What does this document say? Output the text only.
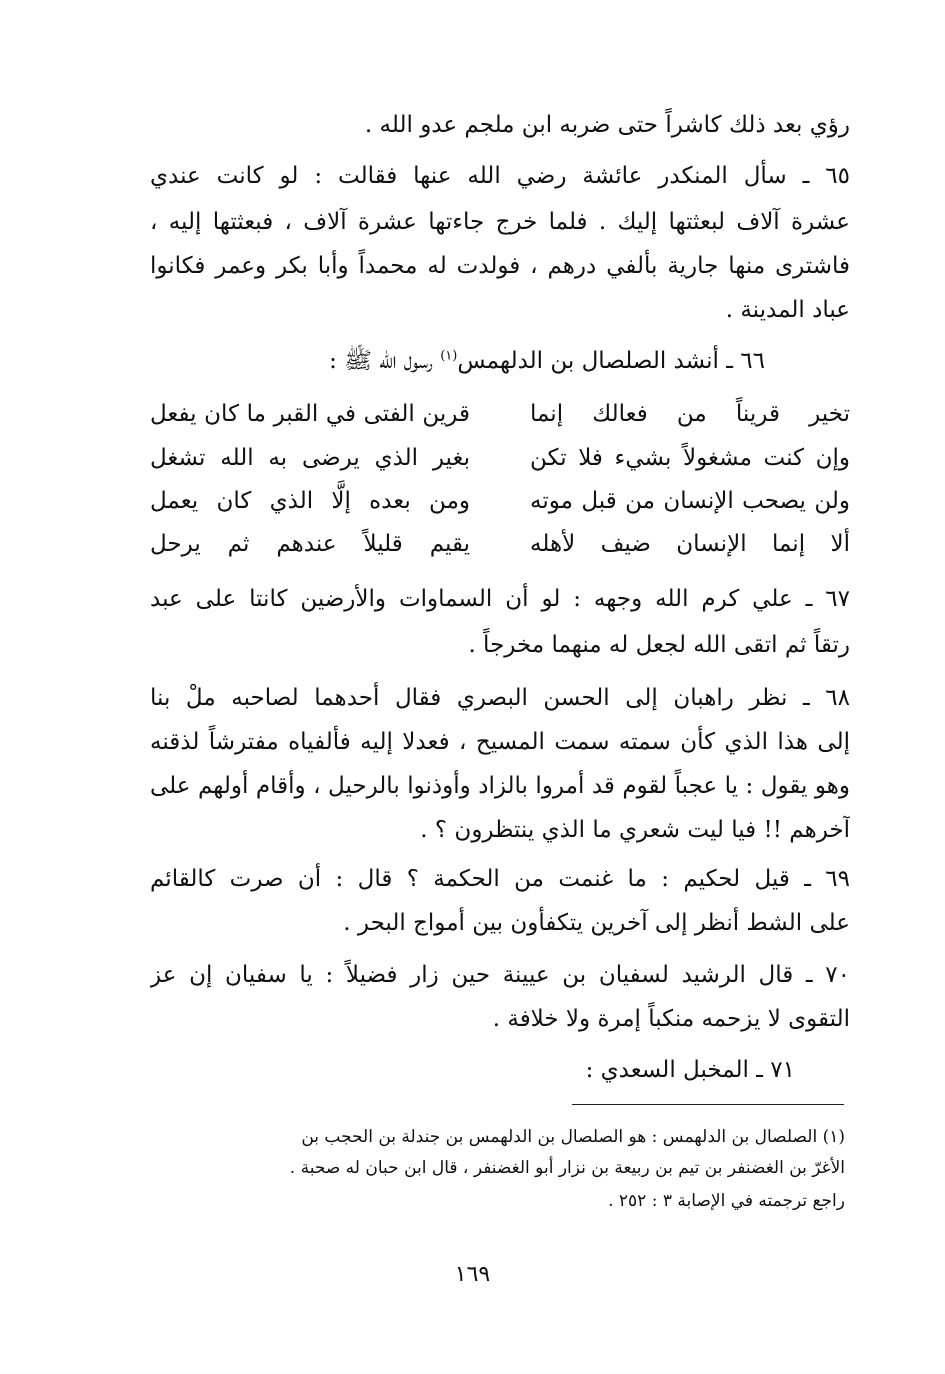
رؤي بعد ذلك كاشراً حتى ضربه ابن ملجم عدو الله .
٦٥ ـ سأل المنكدر عائشة رضي الله عنها فقالت : لو كانت عندي
عشرة آلاف لبعثتها إليك . فلما خرج جاءتها عشرة آلاف ، فبعثتها إليه ،
فاشترى منها جارية بألفي درهم ، فولدت له محمداً وأبا بكر وعمر فكانوا
عباد المدينة .
٦٦ ـ أنشد الصلصال بن الدلهمس$^{(١)}$ رسول الله ﷺ :
تخير قريناً من فعالك إنما
قرين الفتى في القبر ما كان يفعل
وإن كنت مشغولاً بشيء فلا تكن
بغير الذي يرضى به الله تشغل
ولن يصحب الإنسان من قبل موته
ومن بعده إلَّا الذي كان يعمل
ألا إنما الإنسان ضيف لأهله
يقيم قليلاً عندهم ثم يرحل
٦٧ ـ علي كرم الله وجهه : لو أن السماوات والأرضين كانتا على عبد
رتقاً ثم اتقى الله لجعل له منهما مخرجاً .
٦٨ ـ نظر راهبان إلى الحسن البصري فقال أحدهما لصاحبه ملْ بنا
إلى هذا الذي كأن سمته سمت المسيح ، فعدلا إليه فألفياه مفترشاً لذقنه
وهو يقول : يا عجباً لقوم قد أمروا بالزاد وأوذنوا بالرحيل ، وأقام أولهم على
آخرهم !! فيا ليت شعري ما الذي ينتظرون ؟ .
٦٩ ـ قيل لحكيم : ما غنمت من الحكمة ؟ قال : أن صرت كالقائم
على الشط أنظر إلى آخرين يتكفأون بين أمواج البحر .
٧٠ ـ قال الرشيد لسفيان بن عيينة حين زار فضيلاً : يا سفيان إن عز
التقوى لا يزحمه منكباً إمرة ولا خلافة .
٧١ ـ المخبل السعدي :
(١) الصلصال بن الدلهمس : هو الصلصال بن الدلهمس بن جندلة بن الحجب بن
الأغرّ بن الغضنفر بن تيم بن ربيعة بن نزار أبو الغضنفر ، قال ابن حبان له صحبة .
راجع ترجمته في الإصابة ٣ : ٢٥٢ .
١٦٩
